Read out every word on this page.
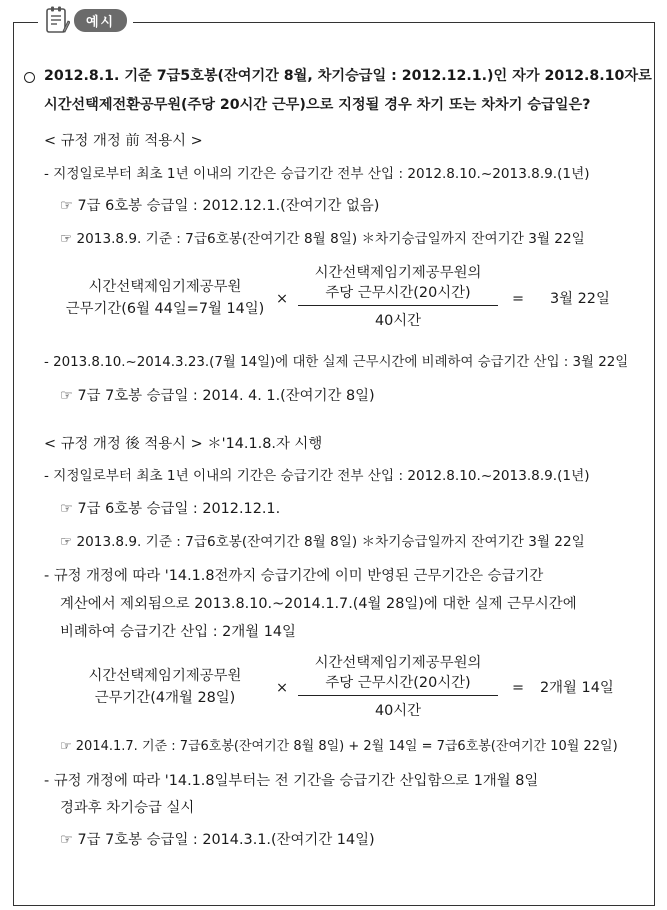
예시
2012.8.1. 기준 7급5호봉(잔여기간 8월, 차기승급일 : 2012.12.1.)인 자가 2012.8.10자로
시간선택제전환공무원(주당 20시간 근무)으로 지정될 경우 차기 또는 차차기 승급일은?
< 규정 개정 前 적용시 >
- 지정일로부터 최초 1년 이내의 기간은 승급기간 전부 산입 : 2012.8.10.~2013.8.9.(1년)
☞ 7급 6호봉 승급일 : 2012.12.1.(잔여기간 없음)
☞ 2013.8.9. 기준 : 7급6호봉(잔여기간 8월 8일) ＊차기승급일까지 잔여기간 3월 22일
시간선택제임기제공무원
근무기간(6월 44일=7월 14일)
×
시간선택제임기제공무원의
주당 근무시간(20시간)
40시간
= 3월 22일
- 2013.8.10.~2014.3.23.(7월 14일)에 대한 실제 근무시간에 비례하여 승급기간 산입 : 3월 22일
☞ 7급 7호봉 승급일 : 2014. 4. 1.(잔여기간 8일)
< 규정 개정 後 적용시 > ＊'14.1.8.자 시행
- 지정일로부터 최초 1년 이내의 기간은 승급기간 전부 산입 : 2012.8.10.~2013.8.9.(1년)
☞ 7급 6호봉 승급일 : 2012.12.1.
☞ 2013.8.9. 기준 : 7급6호봉(잔여기간 8월 8일) ＊차기승급일까지 잔여기간 3월 22일
- 규정 개정에 따라 '14.1.8전까지 승급기간에 이미 반영된 근무기간은 승급기간
계산에서 제외됨으로 2013.8.10.~2014.1.7.(4월 28일)에 대한 실제 근무시간에
비례하여 승급기간 산입 : 2개월 14일
시간선택제임기제공무원
근무기간(4개월 28일)
×
시간선택제임기제공무원의
주당 근무시간(20시간)
40시간
= 2개월 14일
☞ 2014.1.7. 기준 : 7급6호봉(잔여기간 8월 8일) + 2월 14일 = 7급6호봉(잔여기간 10월 22일)
- 규정 개정에 따라 '14.1.8일부터는 전 기간을 승급기간 산입함으로 1개월 8일
경과후 차기승급 실시
☞ 7급 7호봉 승급일 : 2014.3.1.(잔여기간 14일)
